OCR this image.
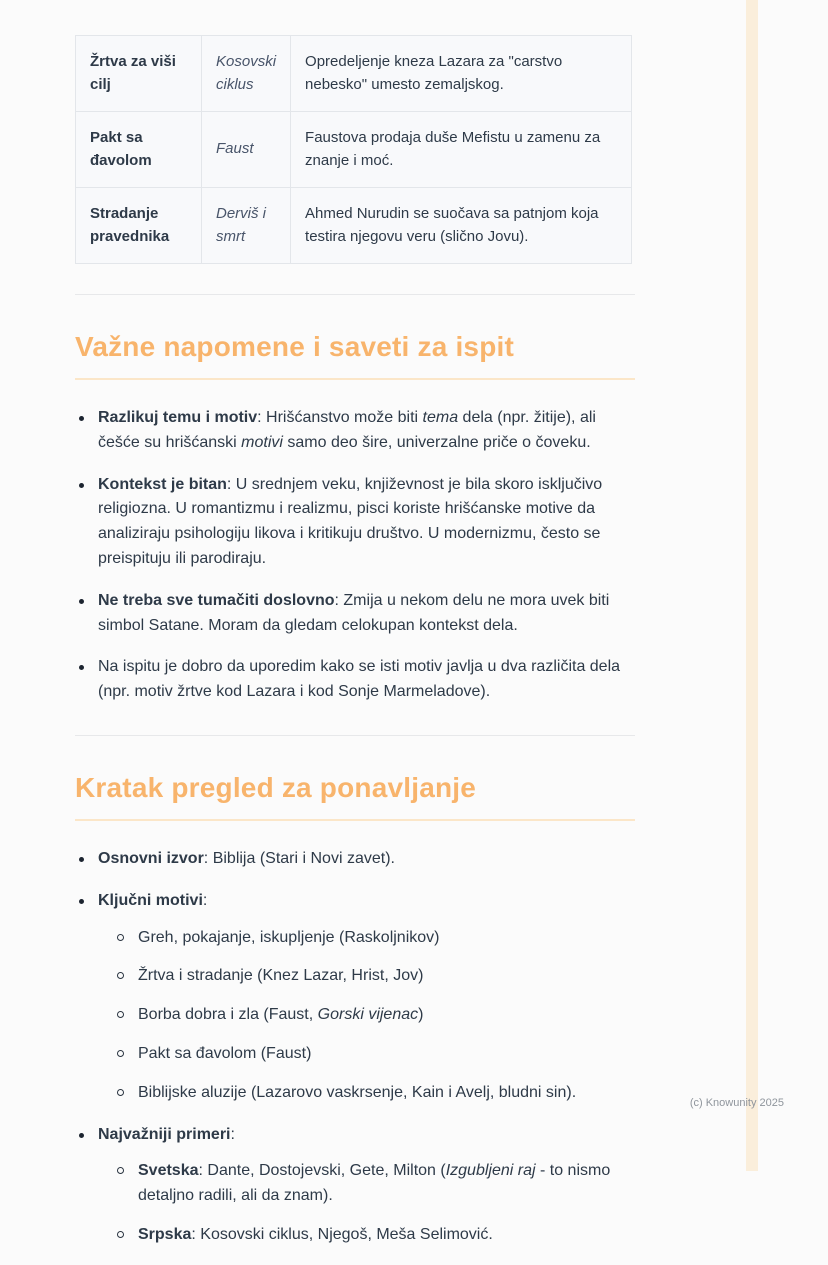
Žrtva za viši cilj	Kosovski ciklus	Opredeljenje kneza Lazara za "carstvo nebesko" umesto zemaljskog.
Pakt sa đavolom	Faust	Faustova prodaja duše Mefistu u zamenu za znanje i moć.
Stradanje pravednika	Derviš i smrt	Ahmed Nurudin se suočava sa patnjom koja testira njegovu veru (slično Jovu).
Važne napomene i saveti za ispit
Razlikuj temu i motiv: Hrišćanstvo može biti tema dela (npr. žitije), ali češće su hrišćanski motivi samo deo šire, univerzalne priče o čoveku.
Kontekst je bitan: U srednjem veku, književnost je bila skoro isključivo religiozna. U romantizmu i realizmu, pisci koriste hrišćanske motive da analiziraju psihologiju likova i kritikuju društvo. U modernizmu, često se preispituju ili parodiraju.
Ne treba sve tumačiti doslovno: Zmija u nekom delu ne mora uvek biti simbol Satane. Moram da gledam celokupan kontekst dela.
Na ispitu je dobro da uporedim kako se isti motiv javlja u dva različita dela (npr. motiv žrtve kod Lazara i kod Sonje Marmeladove).
Kratak pregled za ponavljanje
Osnovni izvor: Biblija (Stari i Novi zavet).
Ključni motivi:
Greh, pokajanje, iskupljenje (Raskoljnikov)
Žrtva i stradanje (Knez Lazar, Hrist, Jov)
Borba dobra i zla (Faust, Gorski vijenac)
Pakt sa đavolom (Faust)
Biblijske aluzije (Lazarovo vaskrsenje, Kain i Avelj, bludni sin).
Najvažniji primeri:
Svetska: Dante, Dostojevski, Gete, Milton (Izgubljeni raj - to nismo detaljno radili, ali da znam).
Srpska: Kosovski ciklus, Njegoš, Meša Selimović.
(c) Knowunity 2025
